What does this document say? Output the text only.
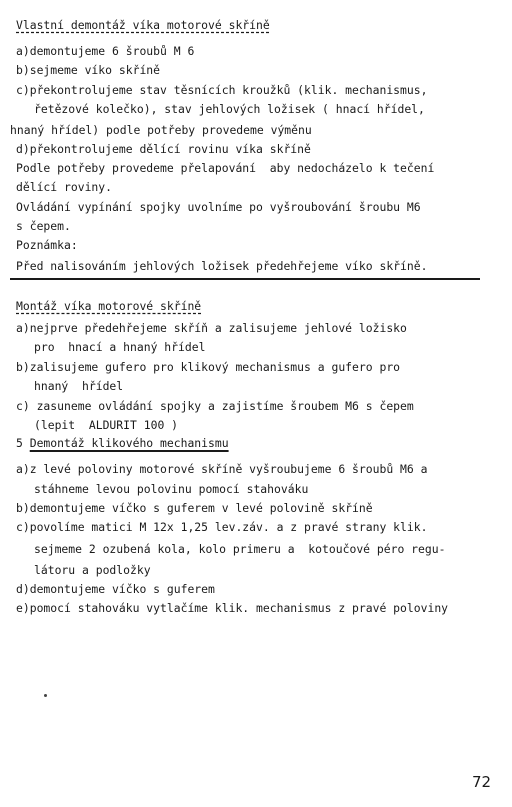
Vlastní demontáž víka motorové skříně
a)demontujeme 6 šroubů M 6
b)sejmeme víko skříně
c)překontrolujeme stav těsnících kroužků (klik. mechanismus,
řetězové kolečko), stav jehlových ložisek ( hnací hřídel,
hnaný hřídel) podle potřeby provedeme výměnu
d)překontrolujeme dělící rovinu víka skříně
Podle potřeby provedeme přelapování  aby nedocházelo k tečení
dělící roviny.
Ovládání vypínání spojky uvolníme po vyšroubování šroubu M6
s čepem.
Poznámka:
Před nalisováním jehlových ložisek předehřejeme víko skříně.
Montáž víka motorové skříně
a)nejprve předehřejeme skříň a zalisujeme jehlové ložisko
pro  hnací a hnaný hřídel
b)zalisujeme gufero pro klikový mechanismus a gufero pro
hnaný  hřídel
c) zasuneme ovládání spojky a zajistíme šroubem M6 s čepem
(lepit  ALDURIT 100 )
5 Demontáž klikového mechanismu
a)z levé poloviny motorové skříně vyšroubujeme 6 šroubů M6 a
stáhneme levou polovinu pomocí stahováku
b)demontujeme víčko s guferem v levé polovině skříně
c)povolíme matici M 12x 1,25 lev.záv. a z pravé strany klik.
sejmeme 2 ozubená kola, kolo primeru a  kotoučové péro regu-
látoru a podložky
d)demontujeme víčko s guferem
e)pomocí stahováku vytlačíme klik. mechanismus z pravé poloviny
72
